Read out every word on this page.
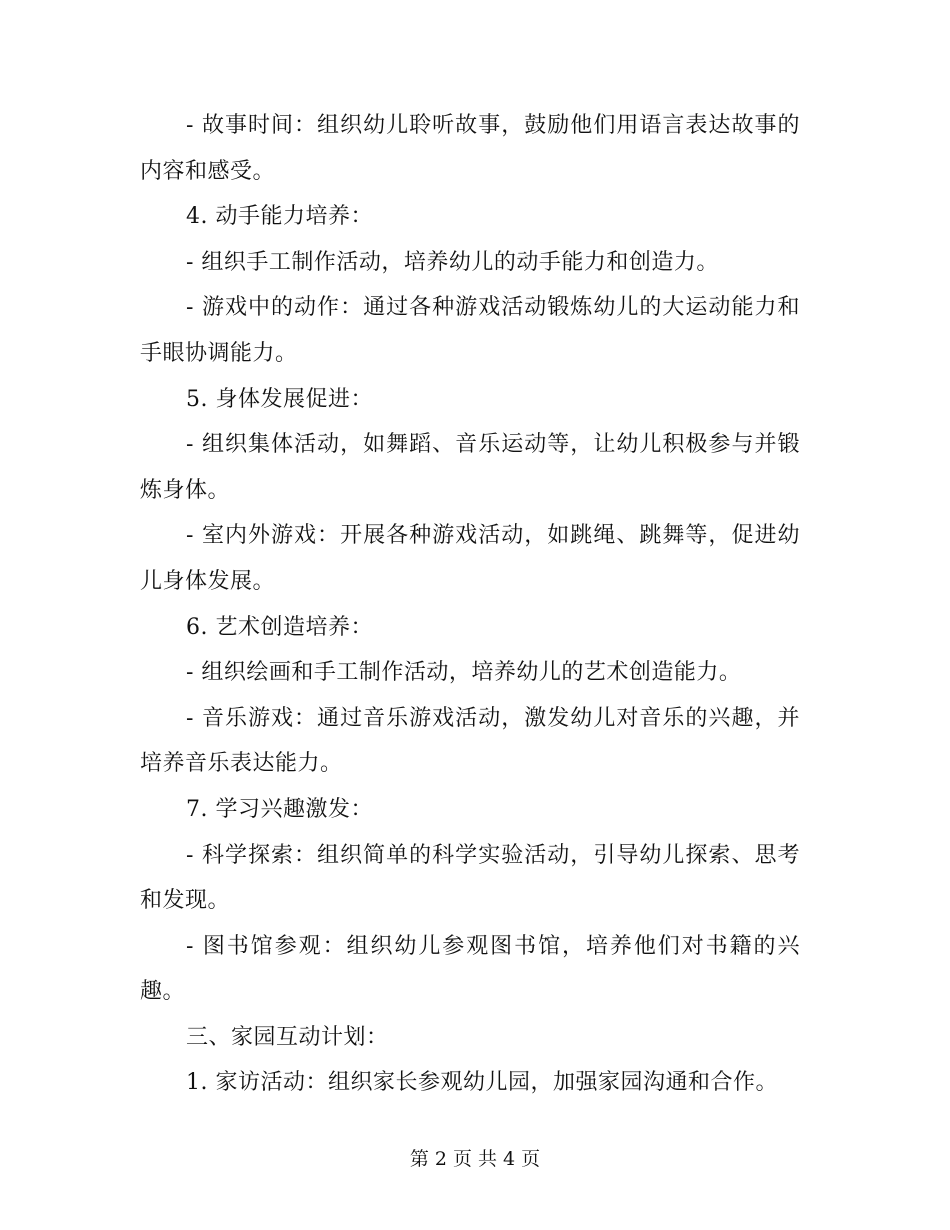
- 故事时间：组织幼儿聆听故事，鼓励他们用语言表达故事的内容和感受。

4. 动手能力培养：

- 组织手工制作活动，培养幼儿的动手能力和创造力。

- 游戏中的动作：通过各种游戏活动锻炼幼儿的大运动能力和手眼协调能力。

5. 身体发展促进：

- 组织集体活动，如舞蹈、音乐运动等，让幼儿积极参与并锻炼身体。

- 室内外游戏：开展各种游戏活动，如跳绳、跳舞等，促进幼儿身体发展。

6. 艺术创造培养：

- 组织绘画和手工制作活动，培养幼儿的艺术创造能力。

- 音乐游戏：通过音乐游戏活动，激发幼儿对音乐的兴趣，并培养音乐表达能力。

7. 学习兴趣激发：

- 科学探索：组织简单的科学实验活动，引导幼儿探索、思考和发现。

- 图书馆参观：组织幼儿参观图书馆，培养他们对书籍的兴趣。

三、家园互动计划：

1. 家访活动：组织家长参观幼儿园，加强家园沟通和合作。

第 2 页 共 4 页
